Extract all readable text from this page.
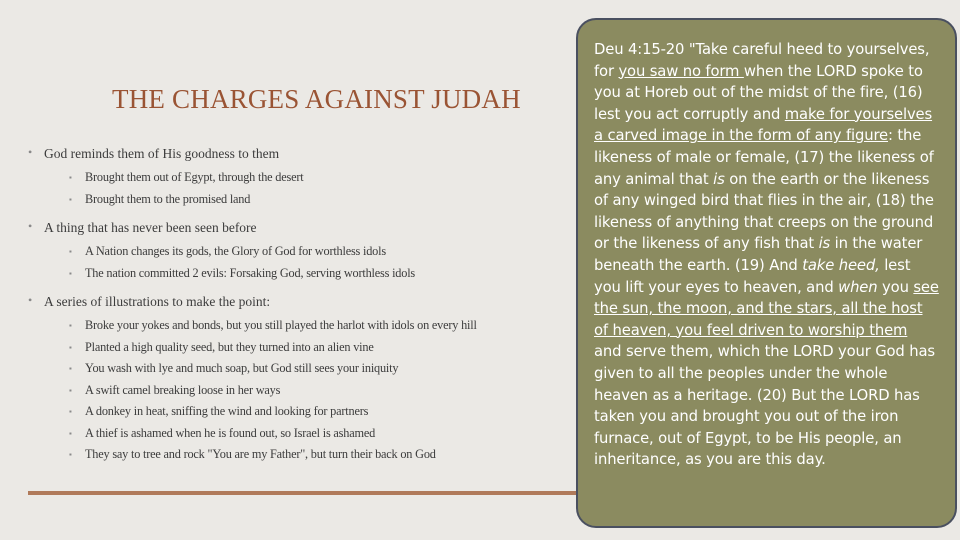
THE CHARGES AGAINST JUDAH
• God reminds them of His goodness to them
▪ Brought them out of Egypt, through the desert
▪ Brought them to the promised land
• A thing that has never been seen before
▪ A Nation changes its gods, the Glory of God for worthless idols
▪ The nation committed 2 evils: Forsaking God, serving worthless idols
• A series of illustrations to make the point:
▪ Broke your yokes and bonds, but you still played the harlot with idols on every hill
▪ Planted a high quality seed, but they turned into an alien vine
▪ You wash with lye and much soap, but God still sees your iniquity
▪ A swift camel breaking loose in her ways
▪ A donkey in heat, sniffing the wind and looking for partners
▪ A thief is ashamed when he is found out, so Israel is ashamed
▪ They say to tree and rock "You are my Father", but turn their back on God
Deu 4:15-20 "Take careful heed to yourselves, for you saw no form when the LORD spoke to you at Horeb out of the midst of the fire, (16) lest you act corruptly and make for yourselves a carved image in the form of any figure: the likeness of male or female, (17) the likeness of any animal that is on the earth or the likeness of any winged bird that flies in the air, (18) the likeness of anything that creeps on the ground or the likeness of any fish that is in the water beneath the earth. (19) And take heed, lest you lift your eyes to heaven, and when you see the sun, the moon, and the stars, all the host of heaven, you feel driven to worship them and serve them, which the LORD your God has given to all the peoples under the whole heaven as a heritage. (20) But the LORD has taken you and brought you out of the iron furnace, out of Egypt, to be His people, an inheritance, as you are this day.
